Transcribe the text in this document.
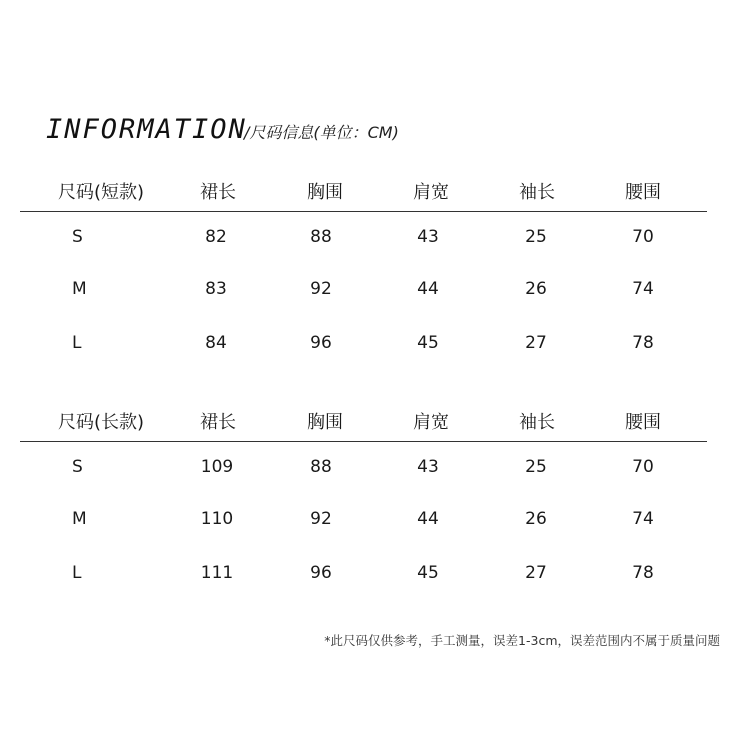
INFORMATION
/尺码信息(单位：CM)
尺码(短款)	裙长	胸围	肩宽	袖长	腰围
S	82	88	43	25	70
M	83	92	44	26	74
L	84	96	45	27	78
尺码(长款)	裙长	胸围	肩宽	袖长	腰围
S	109	88	43	25	70
M	110	92	44	26	74
L	111	96	45	27	78
*此尺码仅供参考，手工测量，误差1-3cm，误差范围内不属于质量问题
